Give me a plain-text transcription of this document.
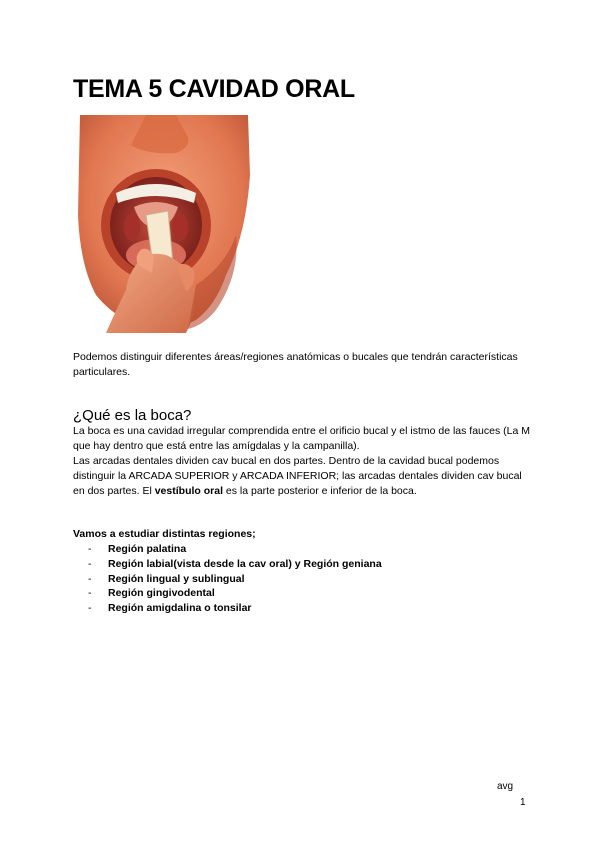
TEMA 5 CAVIDAD ORAL

Podemos distinguir diferentes áreas/regiones anatómicas o bucales que tendrán características particulares.

¿Qué es la boca?

La boca es una cavidad irregular comprendida entre el orificio bucal y el istmo de las fauces (La M que hay dentro que está entre las amígdalas y la campanilla).

Las arcadas dentales dividen cav bucal en dos partes. Dentro de la cavidad bucal podemos distinguir la ARCADA SUPERIOR y ARCADA INFERIOR; las arcadas dentales dividen cav bucal en dos partes. El vestíbulo oral es la parte posterior e inferior de la boca.

Vamos a estudiar distintas regiones;

- Región palatina
- Región labial(vista desde la cav oral) y Región geniana
- Región lingual y sublingual
- Región gingivodental
- Región amigdalina o tonsilar
avg
1
